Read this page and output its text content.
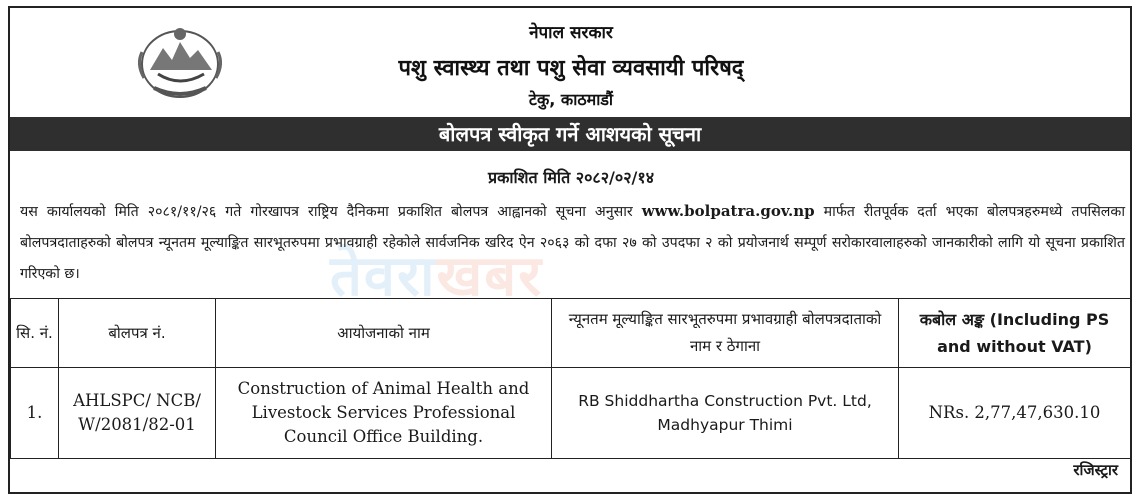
नेपाल सरकार
पशु स्वास्थ्य तथा पशु सेवा व्यवसायी परिषद्
टेकु, काठमाडौं
बोलपत्र स्वीकृत गर्ने आशयको सूचना
प्रकाशित मिति २०८२/०२/१४
तेवराखबर
यस कार्यालयको मिति २०८१/११/२६ गते गोरखापत्र राष्ट्रिय दैनिकमा प्रकाशित बोलपत्र आह्वानको सूचना अनुसार www.bolpatra.gov.np मार्फत रीतपूर्वक दर्ता भएका बोलपत्रहरुमध्ये तपसिलका बोलपत्रदाताहरुको बोलपत्र न्यूनतम मूल्याङ्कित सारभूतरुपमा प्रभावग्राही रहेकोले सार्वजनिक खरिद ऐन २०६३ को दफा २७ को उपदफा २ को प्रयोजनार्थ सम्पूर्ण सरोकारवालाहरुको जानकारीको लागि यो सूचना प्रकाशित गरिएको छ।
सि. नं.	बोलपत्र नं.	आयोजनाको नाम	न्यूनतम मूल्याङ्कित सारभूतरुपमा प्रभावग्राही बोलपत्रदाताको नाम र ठेगाना	कबोल अङ्क (Including PS and without VAT)
1.	AHLSPC/ NCB/ W/2081/82-01	Construction of Animal Health and Livestock Services Professional Council Office Building.	RB Shiddhartha Construction Pvt. Ltd, Madhyapur Thimi	NRs. 2,77,47,630.10
रजिस्ट्रार
